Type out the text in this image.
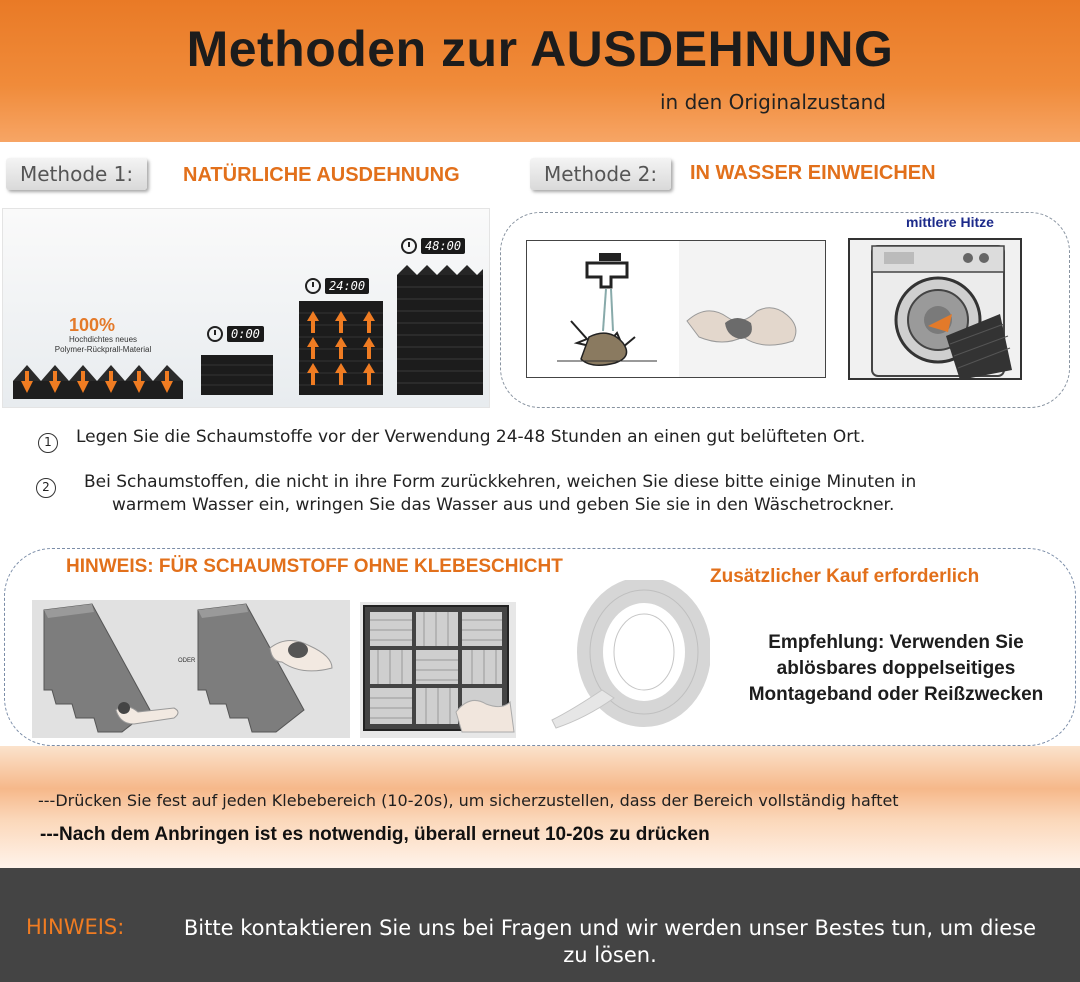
Methoden zur AUSDEHNUNG
in den Originalzustand
Methode 1:	NATÜRLICHE AUSDEHNUNG
100%
Hochdichtes neues
Polymer-Rückprall-Material
0:00
24:00
48:00
Methode 2:	IN WASSER EINWEICHEN
mittlere Hitze
1	Legen Sie die Schaumstoffe vor der Verwendung 24-48 Stunden an einen gut belüfteten Ort.
2	Bei Schaumstoffen, die nicht in ihre Form zurückkehren, weichen Sie diese bitte einige Minuten in
warmem Wasser ein, wringen Sie das Wasser aus und geben Sie sie in den Wäschetrockner.
HINWEIS: FÜR SCHAUMSTOFF OHNE KLEBESCHICHT	Zusätzlicher Kauf erforderlich
ODER
Empfehlung: Verwenden Sie
ablösbares doppelseitiges
Montageband oder Reißzwecken
---Drücken Sie fest auf jeden Klebebereich (10-20s), um sicherzustellen, dass der Bereich vollständig haftet
---Nach dem Anbringen ist es notwendig, überall erneut 10-20s zu drücken
HINWEIS:	Bitte kontaktieren Sie uns bei Fragen und wir werden unser Bestes tun, um diese
zu lösen.
